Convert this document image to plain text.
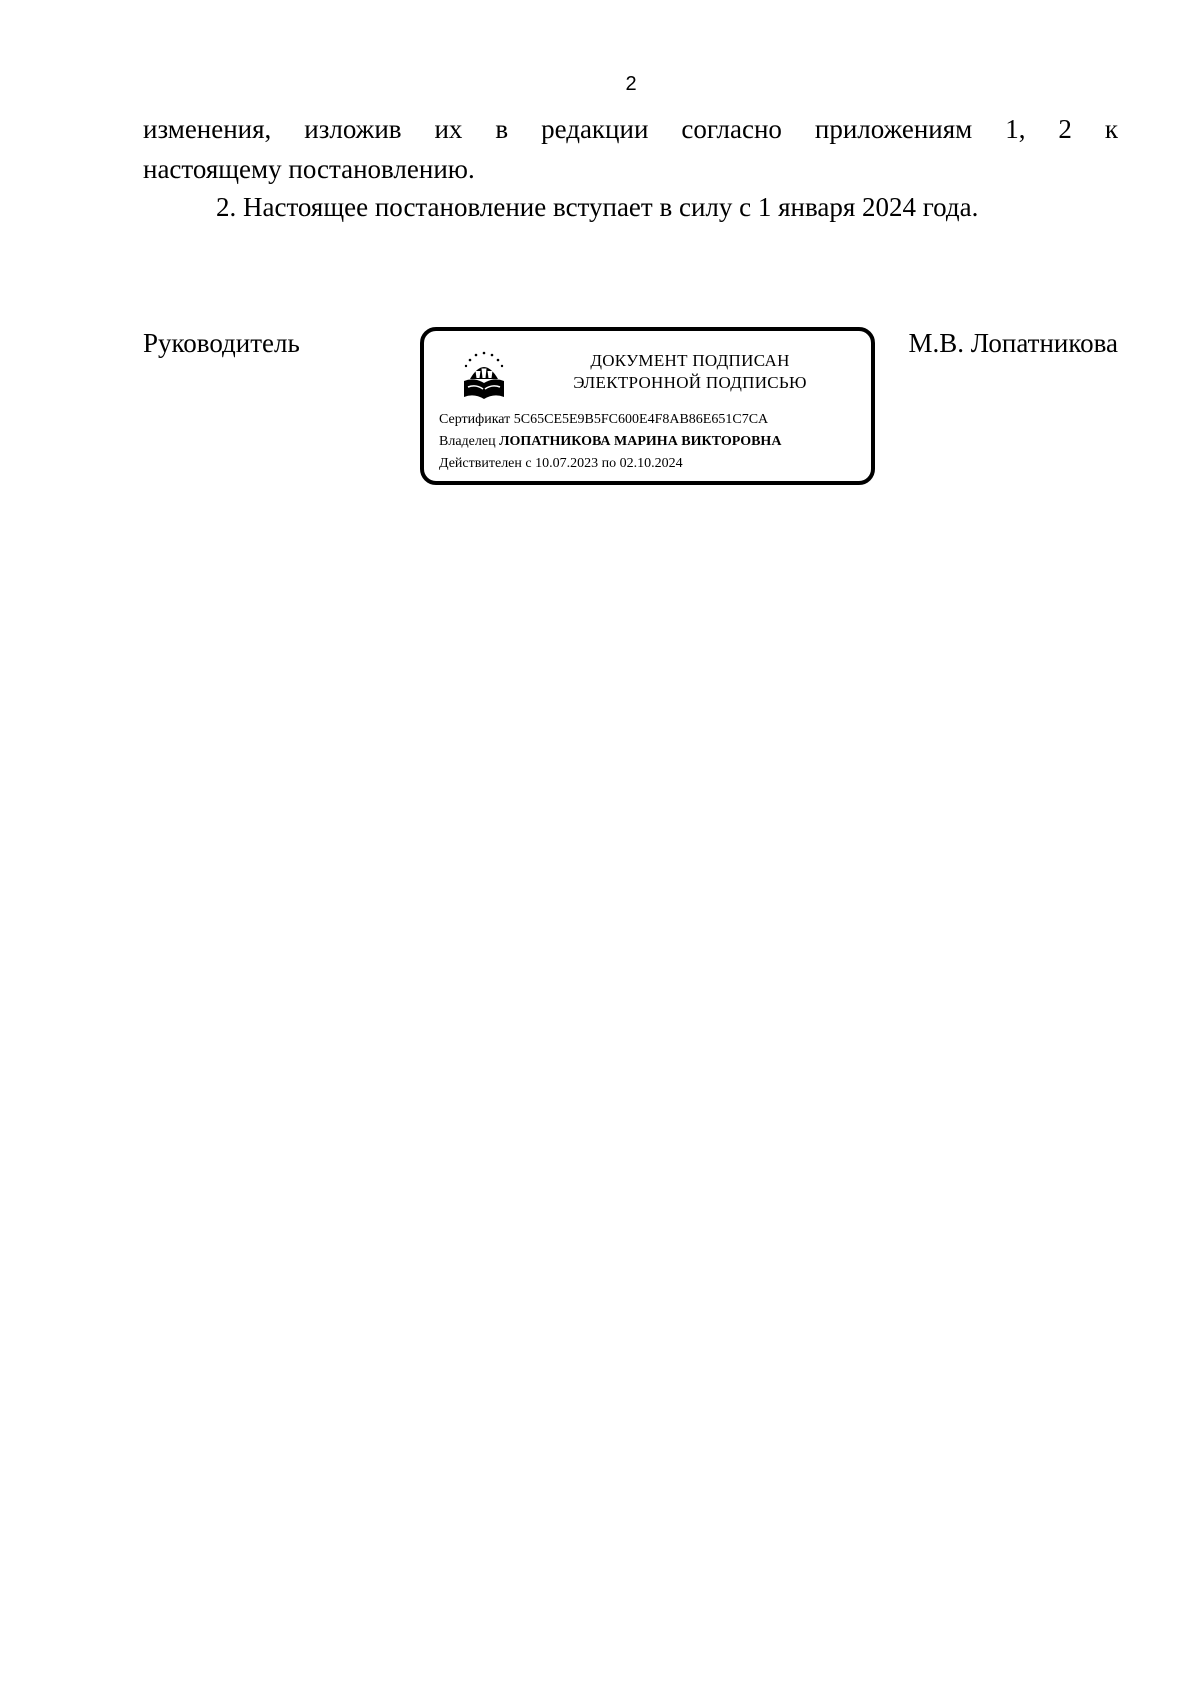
2
изменения, изложив их в редакции согласно приложениям 1, 2 к
настоящему постановлению.
2. Настоящее постановление вступает в силу с 1 января 2024 года.
Руководитель
ДОКУМЕНТ ПОДПИСАН
ЭЛЕКТРОННОЙ ПОДПИСЬЮ
Сертификат 5C65CE5E9B5FC600E4F8AB86E651C7CA
Владелец ЛОПАТНИКОВА МАРИНА ВИКТОРОВНА
Действителен с 10.07.2023 по 02.10.2024
М.В. Лопатникова
